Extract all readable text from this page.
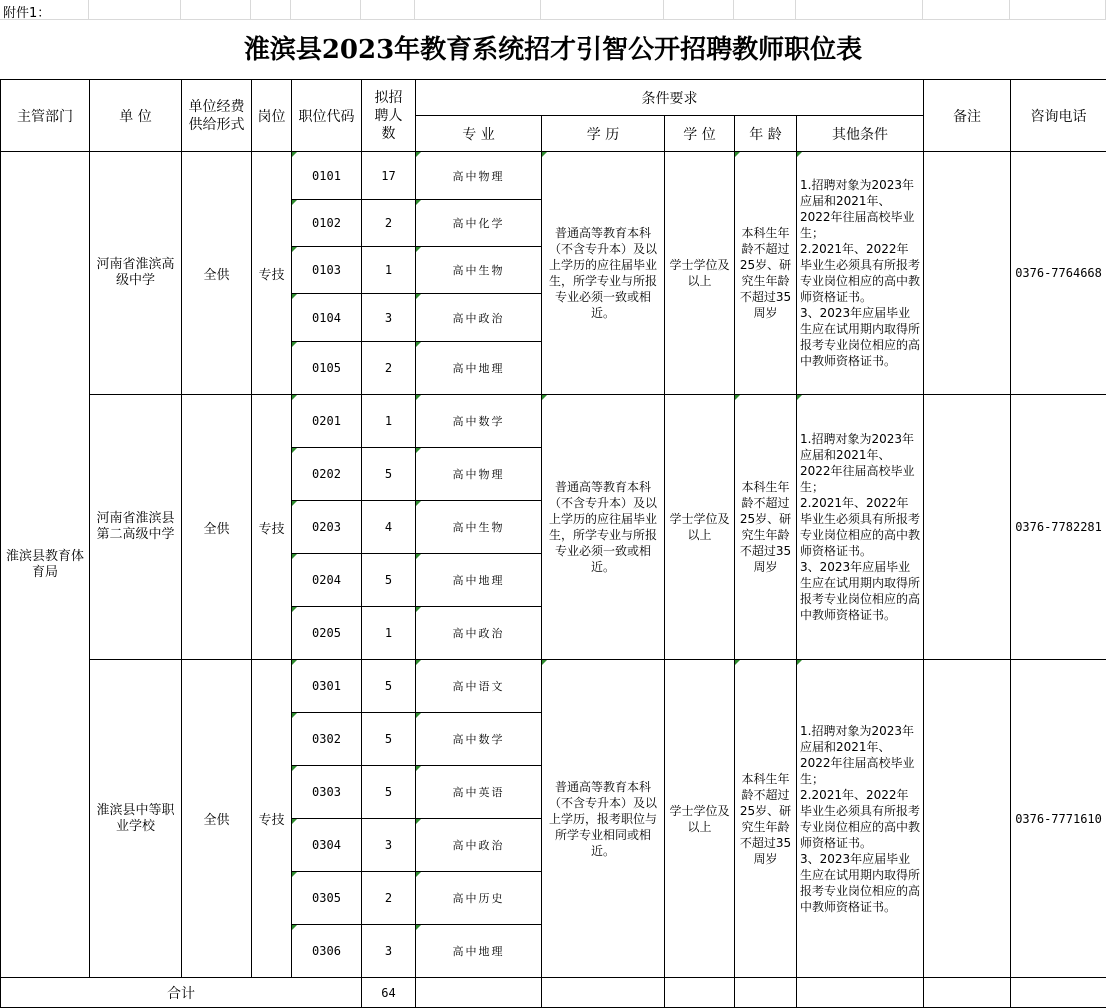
附件1：
淮滨县2023年教育系统招才引智公开招聘教师职位表
主管部门	单 位	单位经费供给形式	岗位	职位代码	拟招聘人数	条件要求					备注	咨询电话
						专 业	学 历	学 位	年 龄	其他条件		
淮滨县教育体育局	河南省淮滨高级中学	全供	专技	0101	17	高中物理	普通高等教育本科（不含专升本）及以上学历的应往届毕业生，所学专业与所报专业必须一致或相近。	学士学位及以上	本科生年龄不超过25岁、研究生年龄不超过35周岁	1.招聘对象为2023年应届和2021年、2022年往届高校毕业生；
2.2021年、2022年毕业生必须具有所报考专业岗位相应的高中教师资格证书。
3、2023年应届毕业生应在试用期内取得所报考专业岗位相应的高中教师资格证书。		0376-7764668
				0102	2	高中化学						
				0103	1	高中生物						
				0104	3	高中政治						
				0105	2	高中地理						
	河南省淮滨县第二高级中学	全供	专技	0201	1	高中数学	普通高等教育本科（不含专升本）及以上学历的应往届毕业生，所学专业与所报专业必须一致或相近。	学士学位及以上	本科生年龄不超过25岁、研究生年龄不超过35周岁	1.招聘对象为2023年应届和2021年、2022年往届高校毕业生；
2.2021年、2022年毕业生必须具有所报考专业岗位相应的高中教师资格证书。
3、2023年应届毕业生应在试用期内取得所报考专业岗位相应的高中教师资格证书。		0376-7782281
				0202	5	高中物理						
				0203	4	高中生物						
				0204	5	高中地理						
				0205	1	高中政治						
	淮滨县中等职业学校	全供	专技	0301	5	高中语文	普通高等教育本科（不含专升本）及以上学历，报考职位与所学专业相同或相近。	学士学位及以上	本科生年龄不超过25岁、研究生年龄不超过35周岁	1.招聘对象为2023年应届和2021年、2022年往届高校毕业生；
2.2021年、2022年毕业生必须具有所报考专业岗位相应的高中教师资格证书。
3、2023年应届毕业生应在试用期内取得所报考专业岗位相应的高中教师资格证书。		0376-7771610
				0302	5	高中数学						
				0303	5	高中英语						
				0304	3	高中政治						
				0305	2	高中历史						
				0306	3	高中地理						
合计					64							
